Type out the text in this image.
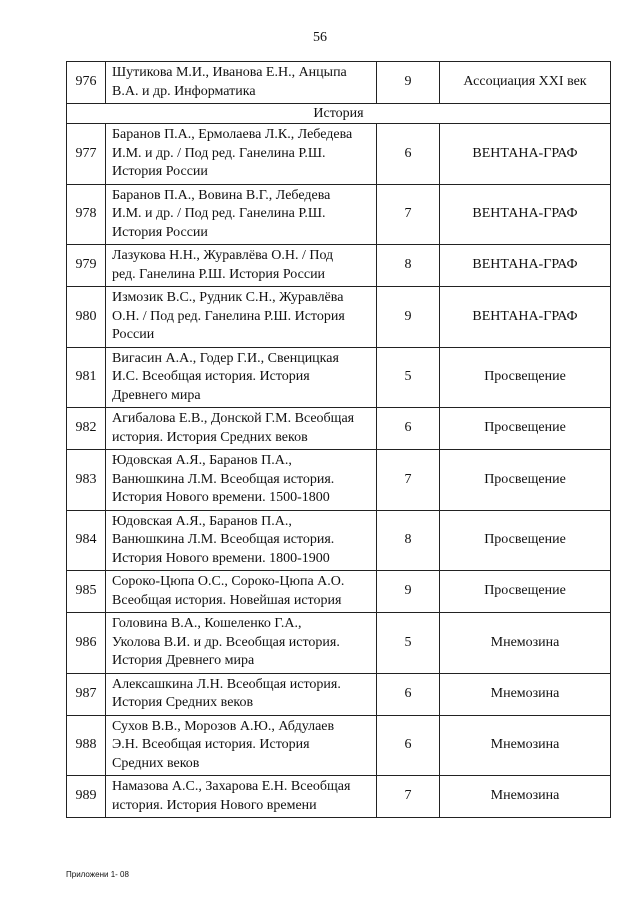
56
976	Шутикова М.И., Иванова Е.Н., Анцыпа
В.А. и др. Информатика	9	Ассоциация XXI век
История			
977	Баранов П.А., Ермолаева Л.К., Лебедева
И.М. и др. / Под ред. Ганелина Р.Ш.
История России	6	ВЕНТАНА-ГРАФ
978	Баранов П.А., Вовина В.Г., Лебедева
И.М. и др. / Под ред. Ганелина Р.Ш.
История России	7	ВЕНТАНА-ГРАФ
979	Лазукова Н.Н., Журавлёва О.Н. / Под
ред. Ганелина Р.Ш. История России	8	ВЕНТАНА-ГРАФ
980	Измозик В.С., Рудник С.Н., Журавлёва
О.Н. / Под ред. Ганелина Р.Ш. История
России	9	ВЕНТАНА-ГРАФ
981	Вигасин А.А., Годер Г.И., Свенцицкая
И.С. Всеобщая история. История
Древнего мира	5	Просвещение
982	Агибалова Е.В., Донской Г.М. Всеобщая
история. История Средних веков	6	Просвещение
983	Юдовская А.Я., Баранов П.А.,
Ванюшкина Л.М. Всеобщая история.
История Нового времени. 1500-1800	7	Просвещение
984	Юдовская А.Я., Баранов П.А.,
Ванюшкина Л.М. Всеобщая история.
История Нового времени. 1800-1900	8	Просвещение
985	Сороко-Цюпа О.С., Сороко-Цюпа А.О.
Всеобщая история. Новейшая история	9	Просвещение
986	Головина В.А., Кошеленко Г.А.,
Уколова В.И. и др. Всеобщая история.
История Древнего мира	5	Мнемозина
987	Алексашкина Л.Н. Всеобщая история.
История Средних веков	6	Мнемозина
988	Сухов В.В., Морозов А.Ю., Абдулаев
Э.Н. Всеобщая история. История
Средних веков	6	Мнемозина
989	Намазова А.С., Захарова Е.Н. Всеобщая
история. История Нового времени	7	Мнемозина
Приложени 1- 08
